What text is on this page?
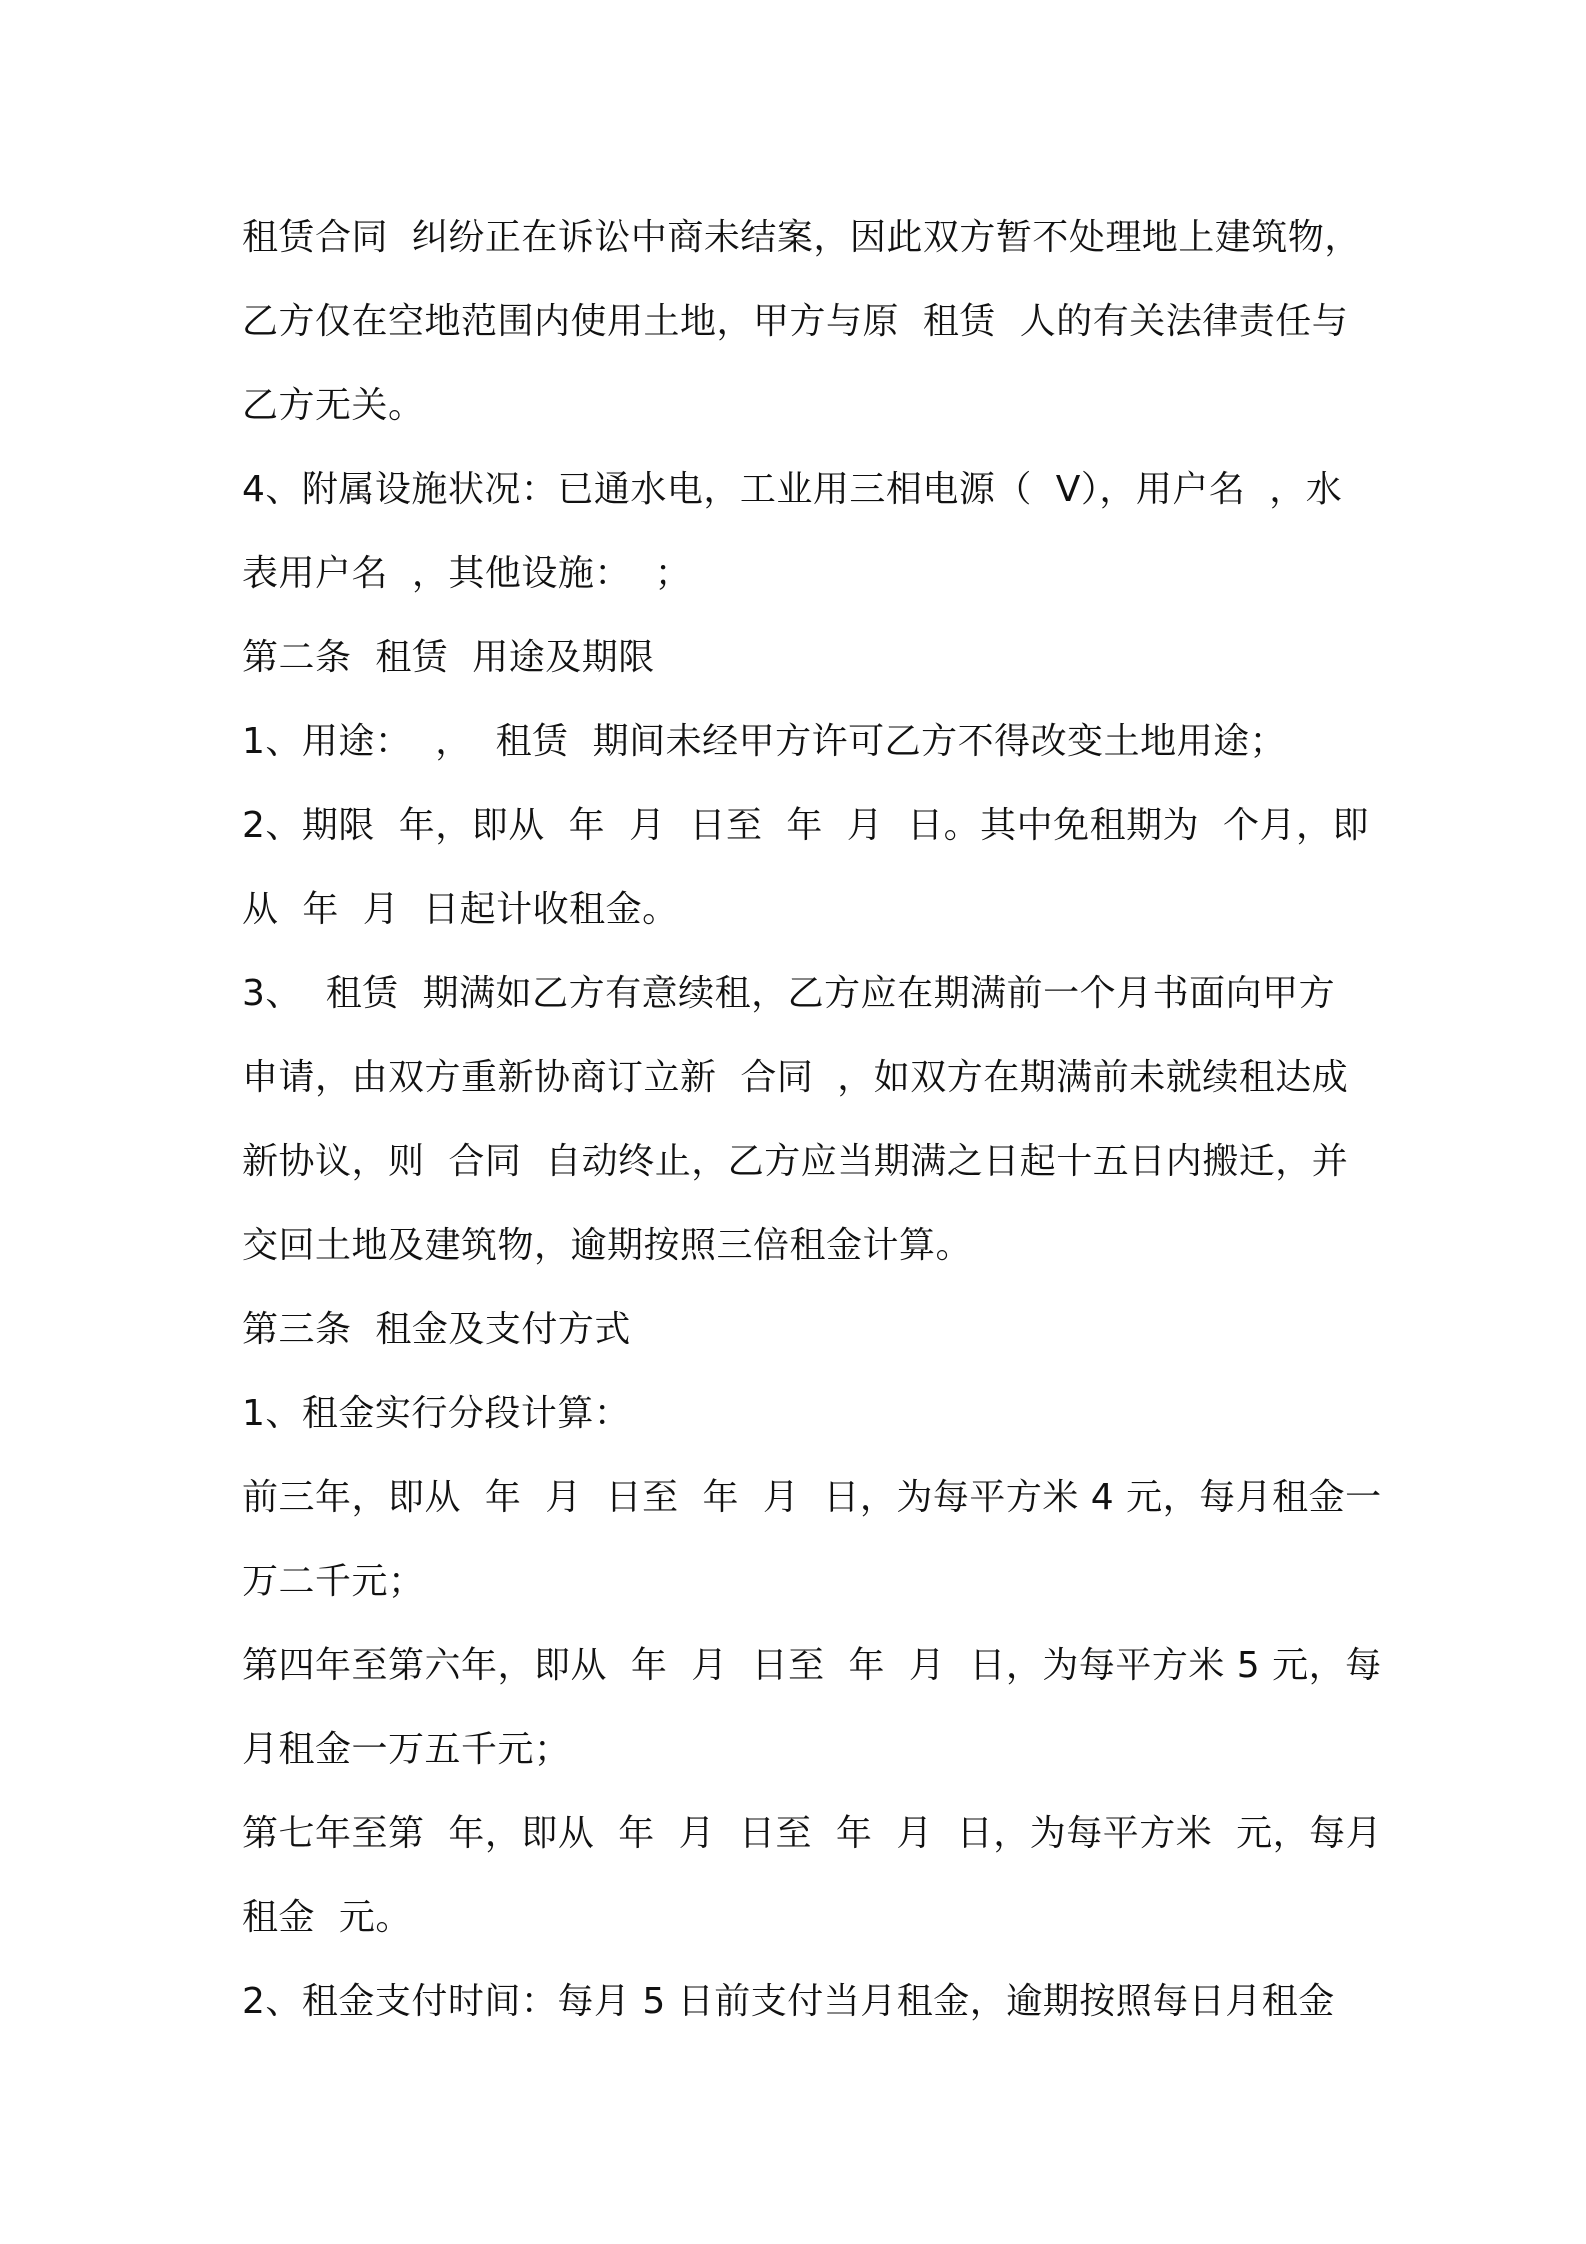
租赁合同  纠纷正在诉讼中商未结案，因此双方暂不处理地上建筑物，
乙方仅在空地范围内使用土地，甲方与原  租赁  人的有关法律责任与
乙方无关。
4、附属设施状况：已通水电，工业用三相电源（  V），用户名  ，水
表用户名  ，其他设施：  ；
第二条  租赁  用途及期限
1、用途：  ，  租赁  期间未经甲方许可乙方不得改变土地用途；
2、期限  年，即从  年  月  日至  年  月  日。其中免租期为  个月，即
从  年  月  日起计收租金。
3、  租赁  期满如乙方有意续租，乙方应在期满前一个月书面向甲方
申请，由双方重新协商订立新  合同  ，如双方在期满前未就续租达成
新协议，则  合同  自动终止，乙方应当期满之日起十五日内搬迁，并
交回土地及建筑物，逾期按照三倍租金计算。
第三条  租金及支付方式
1、租金实行分段计算：
前三年，即从  年  月  日至  年  月  日，为每平方米 4 元，每月租金一
万二千元；
第四年至第六年，即从  年  月  日至  年  月  日，为每平方米 5 元，每
月租金一万五千元；
第七年至第  年，即从  年  月  日至  年  月  日，为每平方米  元，每月
租金  元。
2、租金支付时间：每月 5 日前支付当月租金，逾期按照每日月租金
